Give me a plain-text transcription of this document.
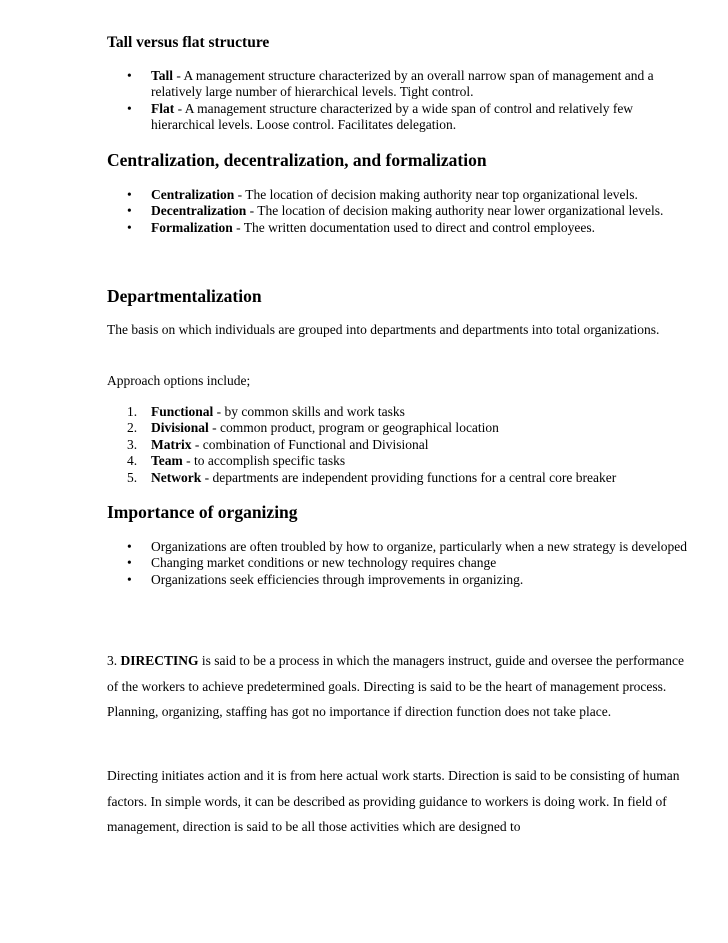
Tall versus flat structure
• Tall - A management structure characterized by an overall narrow span of management and a relatively large number of hierarchical levels. Tight control.
• Flat - A management structure characterized by a wide span of control and relatively few hierarchical levels. Loose control. Facilitates delegation.
Centralization, decentralization, and formalization
• Centralization - The location of decision making authority near top organizational levels.
• Decentralization - The location of decision making authority near lower organizational levels.
• Formalization - The written documentation used to direct and control employees.
Departmentalization

The basis on which individuals are grouped into departments and departments into total organizations.

Approach options include;

1. Functional - by common skills and work tasks
2. Divisional - common product, program or geographical location
3. Matrix - combination of Functional and Divisional
4. Team - to accomplish specific tasks
5. Network - departments are independent providing functions for a central core breaker
Importance of organizing
• Organizations are often troubled by how to organize, particularly when a new strategy is developed
• Changing market conditions or new technology requires change
• Organizations seek efficiencies through improvements in organizing.

3. DIRECTING is said to be a process in which the managers instruct, guide and oversee the performance of the workers to achieve predetermined goals. Directing is said to be the heart of management process. Planning, organizing, staffing has got no importance if direction function does not take place.

Directing initiates action and it is from here actual work starts. Direction is said to be consisting of human factors. In simple words, it can be described as providing guidance to workers is doing work. In field of management, direction is said to be all those activities which are designed to
